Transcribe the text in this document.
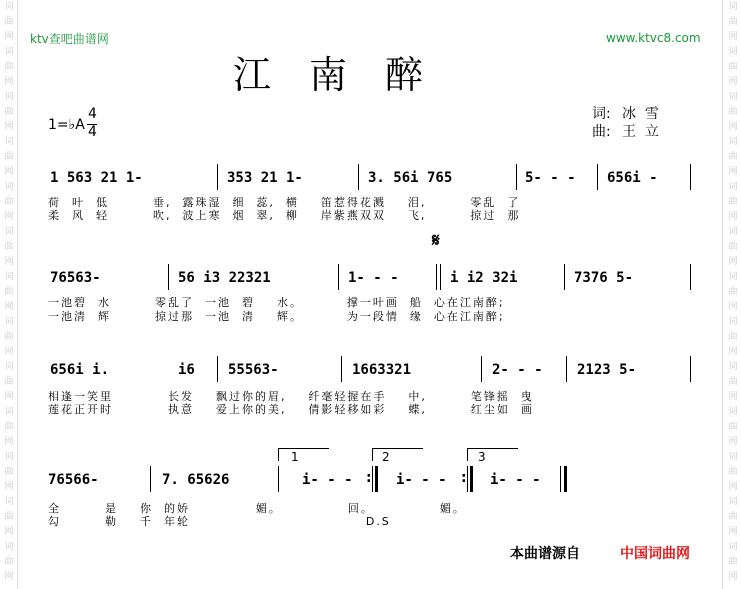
词
曲
网
词
曲
网
词
曲
网
词
曲
网
词
曲
网
词
曲
网
词
曲
网
词
曲
网
词
曲
网
词
曲
网
词
曲
网
词
曲
网
词
曲
网
词
曲
网
词
曲
网
词
曲
网
词
曲
网
词
曲
网
词
曲
网
词
曲
网
词
曲
网
词
曲
网
词
曲
网
词
曲
网
词
曲
网
词
曲
网
ktv查吧曲谱网	www.ktvc8.com
江南醉
1=♭A
4
4
词: 冰  雪
曲: 王  立
1 563 21 1-	353 21 1-	3. 56i 765	5- - - 656i -
荷  叶  低        垂,  露珠湿  细  蕊,  横    笛惹得花溅    泪,        零乱  了
柔  风  轻        吹,  波上寒  烟  翠,  柳    岸紫燕双双    飞,        掠过  那
𝄋
76563-	56 i3 22321	1- - -	i i2 32i	7376 5-
一池碧  水        零乱了  一池  碧    水。        撑一叶画  船  心在江南醉;
一池清  辉        掠过那  一池  清    辉。        为一段情  缘  心在江南醉;
656i i.	i6 55563-	1663321	2- - - 2123 5-
相逢一笑里          长发    飘过你的眉,    纤毫轻握在手    中,        笔锋摇  曳
莲花正开时          执意    爱上你的美,    倩影轻移如彩    蝶,        红尘如  画
1	2	3
76566-	7. 65626	i- - -	i- - -	i- - -
:	:
全        是    你  的娇            媚。            回。            媚。
勾        勒    千  年轮                                D.S
本曲谱源自	中国词曲网
